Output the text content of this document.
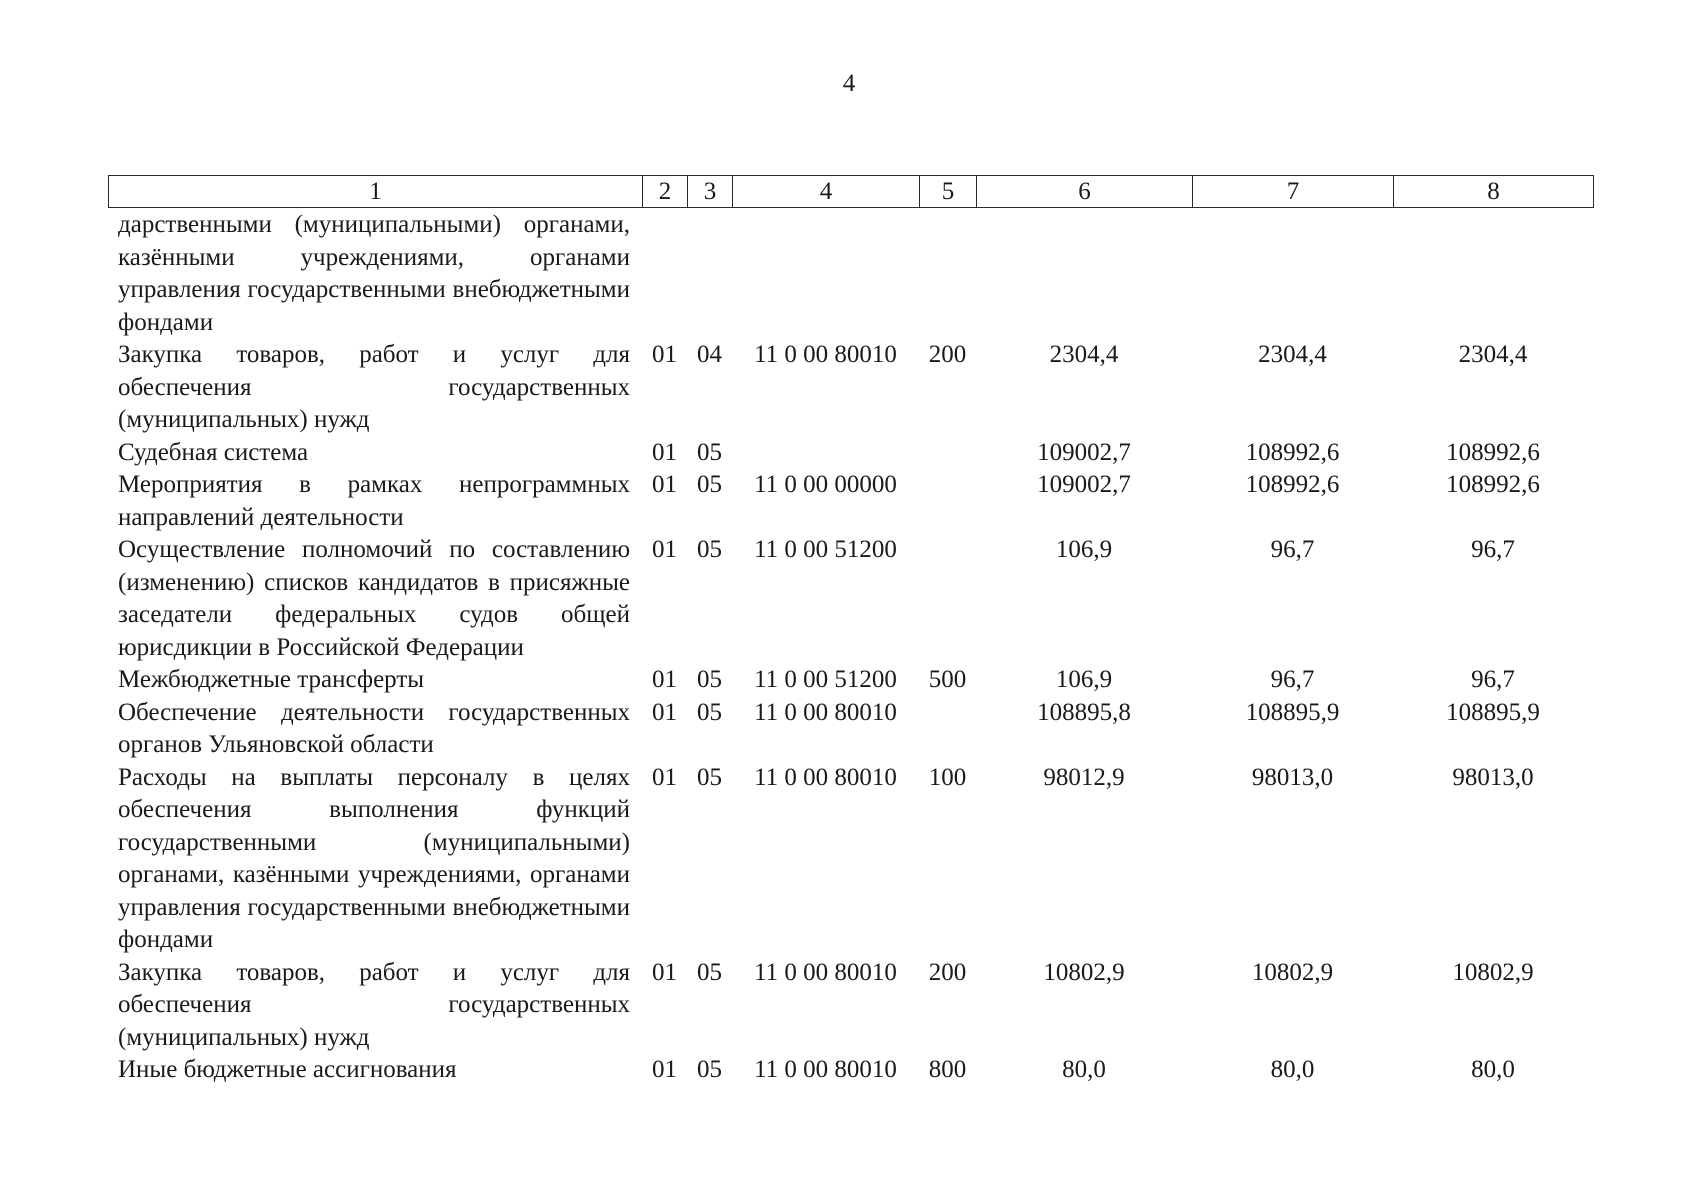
4
1	2	3	4	5	6	7	8
дарственными (муниципальными) органами, казёнными учреждениями, органами управления государственными внебюджетными фондами							
Закупка товаров, работ и услуг для обеспечения государственных (муниципальных) нужд	01	04	11 0 00 80010	200	2304,4	2304,4	2304,4
Судебная система	01	05			109002,7	108992,6	108992,6
Мероприятия в рамках непрограммных направлений деятельности	01	05	11 0 00 00000		109002,7	108992,6	108992,6
Осуществление полномочий по составлению (изменению) списков кандидатов в присяжные заседатели федеральных судов общей юрисдикции в Российской Федерации	01	05	11 0 00 51200		106,9	96,7	96,7
Межбюджетные трансферты	01	05	11 0 00 51200	500	106,9	96,7	96,7
Обеспечение деятельности государственных органов Ульяновской области	01	05	11 0 00 80010		108895,8	108895,9	108895,9
Расходы на выплаты персоналу в целях обеспечения выполнения функций государственными (муниципальными) органами, казёнными учреждениями, органами управления государственными внебюджетными фондами	01	05	11 0 00 80010	100	98012,9	98013,0	98013,0
Закупка товаров, работ и услуг для обеспечения государственных (муниципальных) нужд	01	05	11 0 00 80010	200	10802,9	10802,9	10802,9
Иные бюджетные ассигнования	01	05	11 0 00 80010	800	80,0	80,0	80,0
